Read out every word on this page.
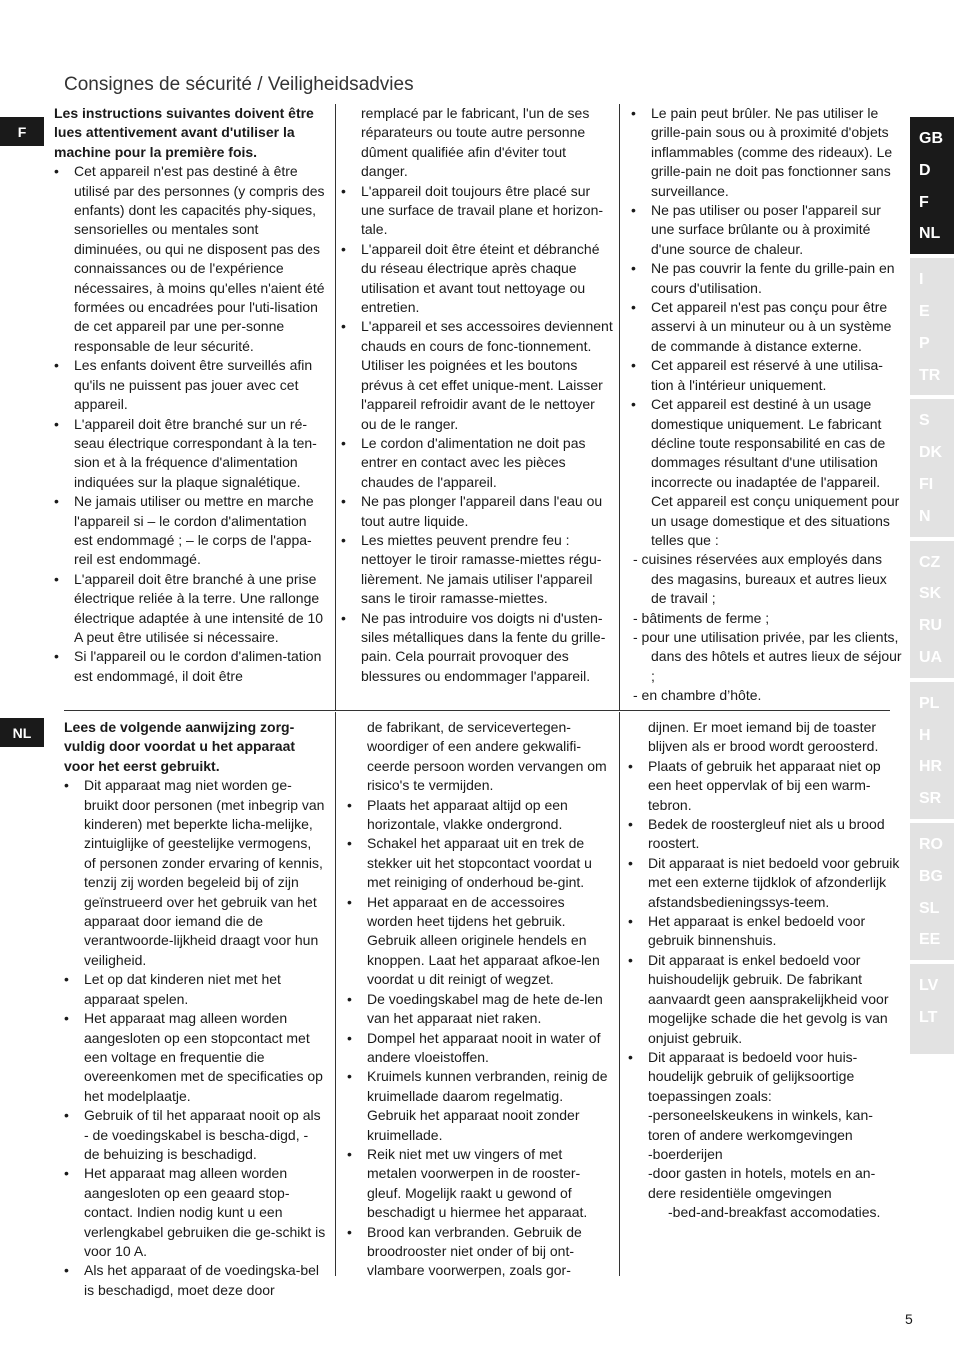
Consignes de sécurité / Veiligheidsadvies
F
NL

Les instructions suivantes doivent être lues attentivement avant d'utiliser la machine pour la première fois.

• Cet appareil n'est pas destiné à être utilisé par des personnes (y compris des enfants) dont les capacités phy-siques, sensorielles ou mentales sont diminuées, ou qui ne disposent pas des connaissances ou de l'expérience nécessaires, à moins qu'elles n'aient été formées ou encadrées pour l'uti-lisation de cet appareil par une per-sonne responsable de leur sécurité.
• Les enfants doivent être surveillés afin qu'ils ne puissent pas jouer avec cet appareil.
• L'appareil doit être branché sur un ré-seau électrique correspondant à la ten-sion et à la fréquence d'alimentation indiquées sur la plaque signalétique.
• Ne jamais utiliser ou mettre en marche l'appareil si – le cordon d'alimentation est endommagé ; – le corps de l'appa-reil est endommagé.
• L'appareil doit être branché à une prise électrique reliée à la terre. Une rallonge électrique adaptée à une intensité de 10 A peut être utilisée si nécessaire.
• Si l'appareil ou le cordon d'alimen-tation est endommagé, il doit être

remplacé par le fabricant, l'un de ses réparateurs ou toute autre personne dûment qualifiée afin d'éviter tout danger.

• L'appareil doit toujours être placé sur une surface de travail plane et horizon-tale.
• L'appareil doit être éteint et débranché du réseau électrique après chaque utilisation et avant tout nettoyage ou entretien.
• L'appareil et ses accessoires deviennent chauds en cours de fonc-tionnement. Utiliser les poignées et les boutons prévus à cet effet unique-ment. Laisser l'appareil refroidir avant de le nettoyer ou de le ranger.
• Le cordon d'alimentation ne doit pas entrer en contact avec les pièces chaudes de l'appareil.
• Ne pas plonger l'appareil dans l'eau ou tout autre liquide.
• Les miettes peuvent prendre feu : nettoyer le tiroir ramasse-miettes régu-lièrement. Ne jamais utiliser l'appareil sans le tiroir ramasse-miettes.
• Ne pas introduire vos doigts ni d'usten-siles métalliques dans la fente du grille-pain. Cela pourrait provoquer des blessures ou endommager l'appareil.
• Le pain peut brûler. Ne pas utiliser le grille-pain sous ou à proximité d'objets inflammables (comme des rideaux). Le grille-pain ne doit pas fonctionner sans surveillance.
• Ne pas utiliser ou poser l'appareil sur une surface brûlante ou à proximité d'une source de chaleur.
• Ne pas couvrir la fente du grille-pain en cours d'utilisation.
• Cet appareil n'est pas conçu pour être asservi à un minuteur ou à un système de commande à distance externe.
• Cet appareil est réservé à une utilisa-tion à l'intérieur uniquement.
• Cet appareil est destiné à un usage domestique uniquement. Le fabricant décline toute responsabilité en cas de dommages résultant d'une utilisation incorrecte ou inadaptée de l'appareil. Cet appareil est conçu uniquement pour un usage domestique et des situations telles que :
- cuisines réservées aux employés dans des magasins, bureaux et autres lieux de travail ;
- bâtiments de ferme ;
- pour une utilisation privée, par les clients, dans des hôtels et autres lieux de séjour ;
- en chambre d’hôte.

Lees de volgende aanwijzing zorg-vuldig door voordat u het apparaat voor het eerst gebruikt.

• Dit apparaat mag niet worden ge-bruikt door personen (met inbegrip van kinderen) met beperkte licha-melijke, zintuiglijke of geestelijke vermogens, of personen zonder ervaring of kennis, tenzij zij worden begeleid bij of zijn geïnstrueerd over het gebruik van het apparaat door iemand die de verantwoorde-lijkheid draagt voor hun veiligheid.
• Let op dat kinderen niet met het apparaat spelen.
• Het apparaat mag alleen worden aangesloten op een stopcontact met een voltage en frequentie die overeenkomen met de specificaties op het modelplaatje.
• Gebruik of til het apparaat nooit op als - de voedingskabel is bescha-digd, - de behuizing is beschadigd.
• Het apparaat mag alleen worden aangesloten op een geaard stop-contact. Indien nodig kunt u een verlengkabel gebruiken die ge-schikt is voor 10 A.
• Als het apparaat of de voedingska-bel is beschadigd, moet deze door

de fabrikant, de servicevertegen-woordiger of een andere gekwalifi-ceerde persoon worden vervangen om risico's te vermijden.

• Plaats het apparaat altijd op een horizontale, vlakke ondergrond.
• Schakel het apparaat uit en trek de stekker uit het stopcontact voordat u met reiniging of onderhoud be-gint.
• Het apparaat en de accessoires worden heet tijdens het gebruik. Gebruik alleen originele hendels en knoppen. Laat het apparaat afkoe-len voordat u dit reinigt of wegzet.
• De voedingskabel mag de hete de-len van het apparaat niet raken.
• Dompel het apparaat nooit in water of andere vloeistoffen.
• Kruimels kunnen verbranden, reinig de kruimellade daarom regelmatig. Gebruik het apparaat nooit zonder kruimellade.
• Reik niet met uw vingers of met metalen voorwerpen in de rooster-gleuf. Mogelijk raakt u gewond of beschadigt u hiermee het apparaat.
• Brood kan verbranden. Gebruik de broodrooster niet onder of bij ont-vlambare voorwerpen, zoals gor-

dijnen. Er moet iemand bij de toaster blijven als er brood wordt geroosterd.

• Plaats of gebruik het apparaat niet op een heet oppervlak of bij een warm-tebron.
• Bedek de roostergleuf niet als u brood roostert.
• Dit apparaat is niet bedoeld voor gebruik met een externe tijdklok of afzonderlijk afstandsbedieningssys-teem.
• Het apparaat is enkel bedoeld voor gebruik binnenshuis.
• Dit apparaat is enkel bedoeld voor huishoudelijk gebruik. De fabrikant aanvaardt geen aansprakelijkheid voor mogelijke schade die het gevolg is van onjuist gebruik.
• Dit apparaat is bedoeld voor huis-houdelijk gebruik of gelijksoortige toepassingen zoals:

-personeelskeukens in winkels, kan-toren of andere werkomgevingen

-boerderijen

-door gasten in hotels, motels en an-dere residentiële omgevingen

-bed-and-breakfast accomodaties.

GB
D
F
NL
I
E
P
TR
S
DK
FI
N
CZ
SK
RU
UA
PL
H
HR
SR
RO
BG
SL
EE
LV
LT
5
